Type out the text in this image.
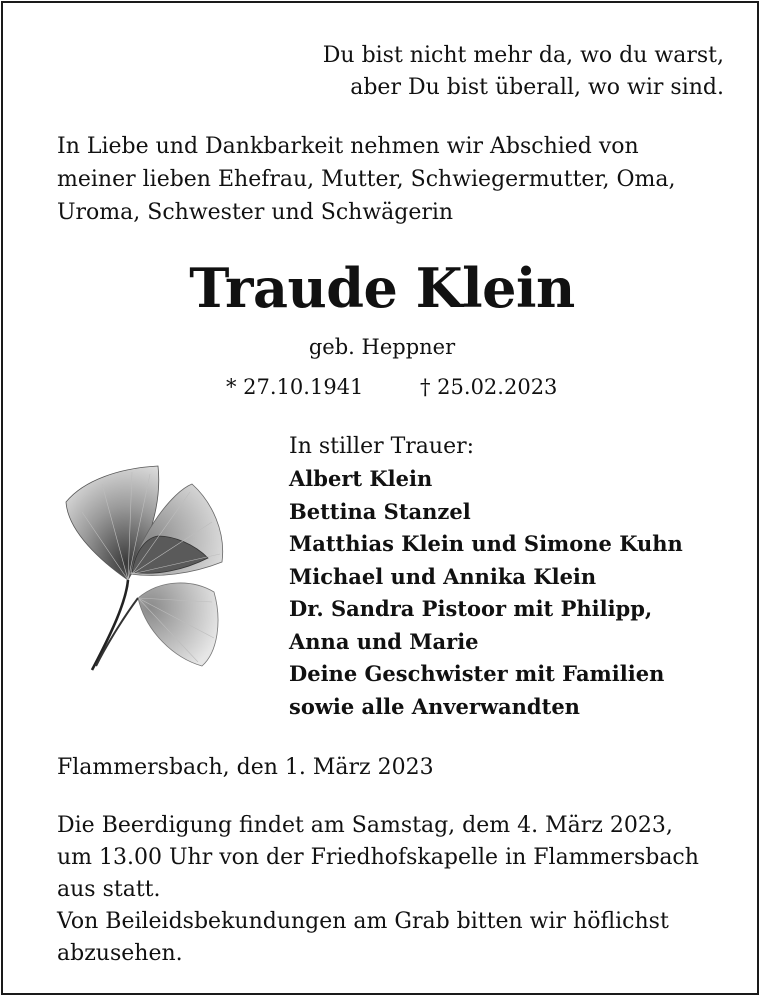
Du bist nicht mehr da, wo du warst,
aber Du bist überall, wo wir sind.
In Liebe und Dankbarkeit nehmen wir Abschied von
meiner lieben Ehefrau, Mutter, Schwiegermutter, Oma,
Uroma, Schwester und Schwägerin
Traude Klein
geb. Heppner
* 27.10.1941	† 25.02.2023
In stiller Trauer:
Albert Klein
Bettina Stanzel
Matthias Klein und Simone Kuhn
Michael und Annika Klein
Dr. Sandra Pistoor mit Philipp,
Anna und Marie
Deine Geschwister mit Familien
sowie alle Anverwandten
Flammersbach, den 1. März 2023
Die Beerdigung findet am Samstag, dem 4. März 2023,
um 13.00 Uhr von der Friedhofskapelle in Flammersbach
aus statt.
Von Beileidsbekundungen am Grab bitten wir höflichst
abzusehen.
